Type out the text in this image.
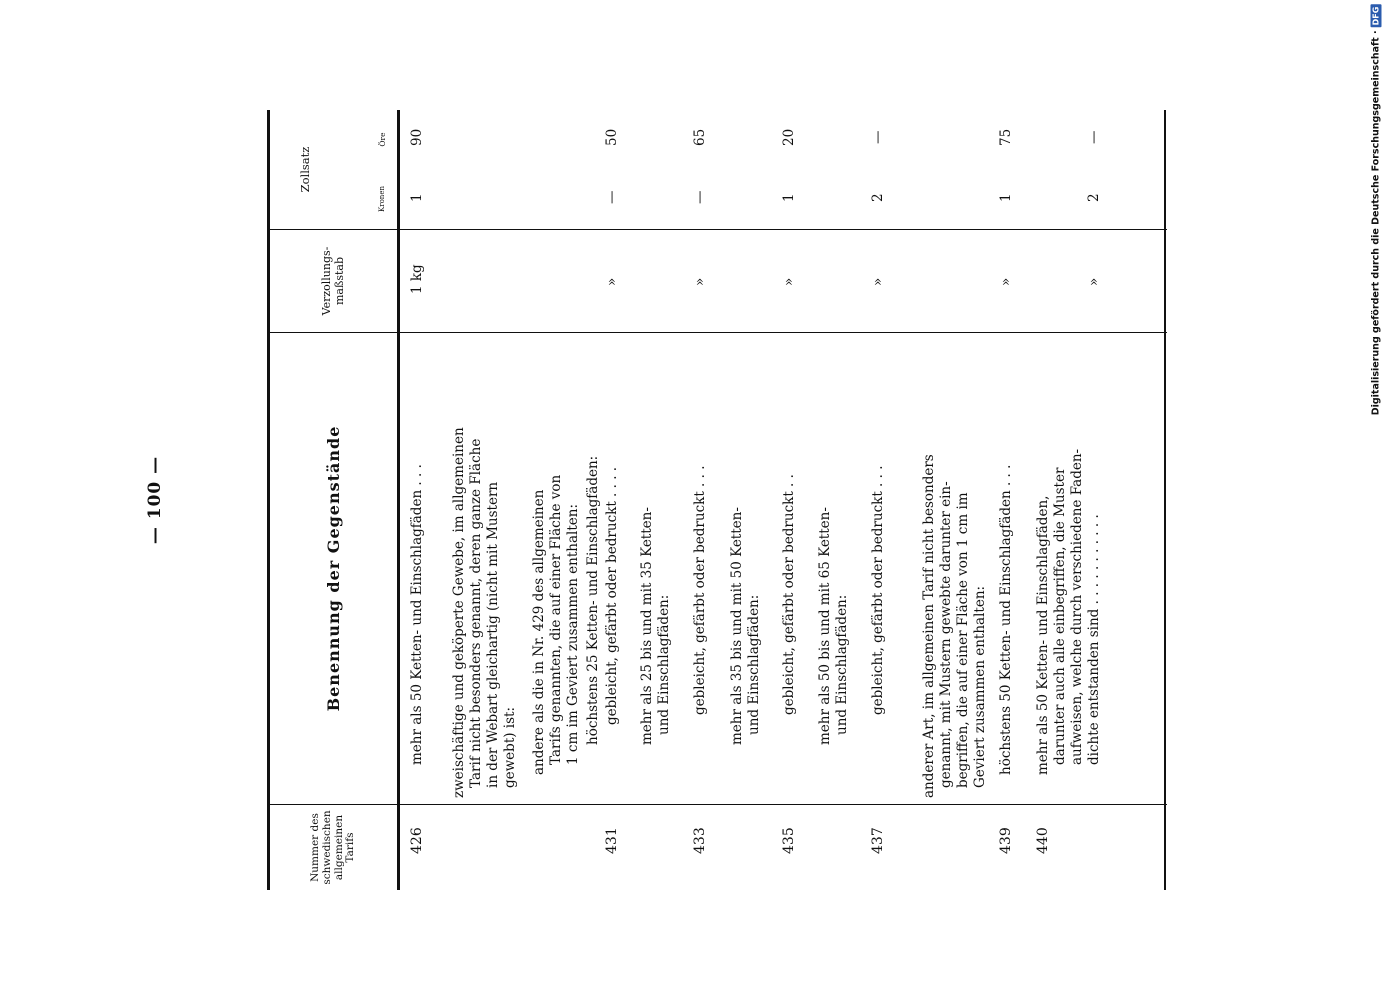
— 100 —
Digitalisierung gefördert durch die Deutsche Forschungsgemeinschaft ·
DFG
Nummer des schwedischen allgemeinen Tarifs
Benennung der Gegenstände
Verzollungs-maßstab
Zollsatz
Kronen
Öre
426
mehr als 50 Ketten- und Einschlagfäden . . .
1 kg
1
90
zweischäftige und geköperte Gewebe, im allgemeinen Tarif nicht besonders genannt, deren ganze Fläche in der Webart gleichartig (nicht mit Mustern gewebt) ist: andere als die in Nr. 429 des allgemeinen Tarifs genannten, die auf einer Fläche von 1 cm im Geviert zusammen enthalten: höchstens 25 Ketten- und Einschlagfäden:
431
gebleicht, gefärbt oder bedruckt . . . .
»
—
50
mehr als 25 bis und mit 35 Ketten- und Einschlagfäden:
433
gebleicht, gefärbt oder bedruckt . . .
»
—
65
mehr als 35 bis und mit 50 Ketten- und Einschlagfäden:
435
gebleicht, gefärbt oder bedruckt . .
»
1
20
mehr als 50 bis und mit 65 Ketten- und Einschlagfäden:
437
gebleicht, gefärbt oder bedruckt . . .
»
2
—
anderer Art, im allgemeinen Tarif nicht besonders genannt, mit Mustern gewebte darunter ein- begriffen, die auf einer Fläche von 1 cm im Geviert zusammen enthalten:
439
höchstens 50 Ketten- und Einschlagfäden . . .
»
1
75
440
mehr als 50 Ketten- und Einschlagfäden, darunter auch alle einbegriffen, die Muster aufweisen, welche durch verschiedene Faden- dichte entstanden sind . . . . . . . . . . .
»
2
—
